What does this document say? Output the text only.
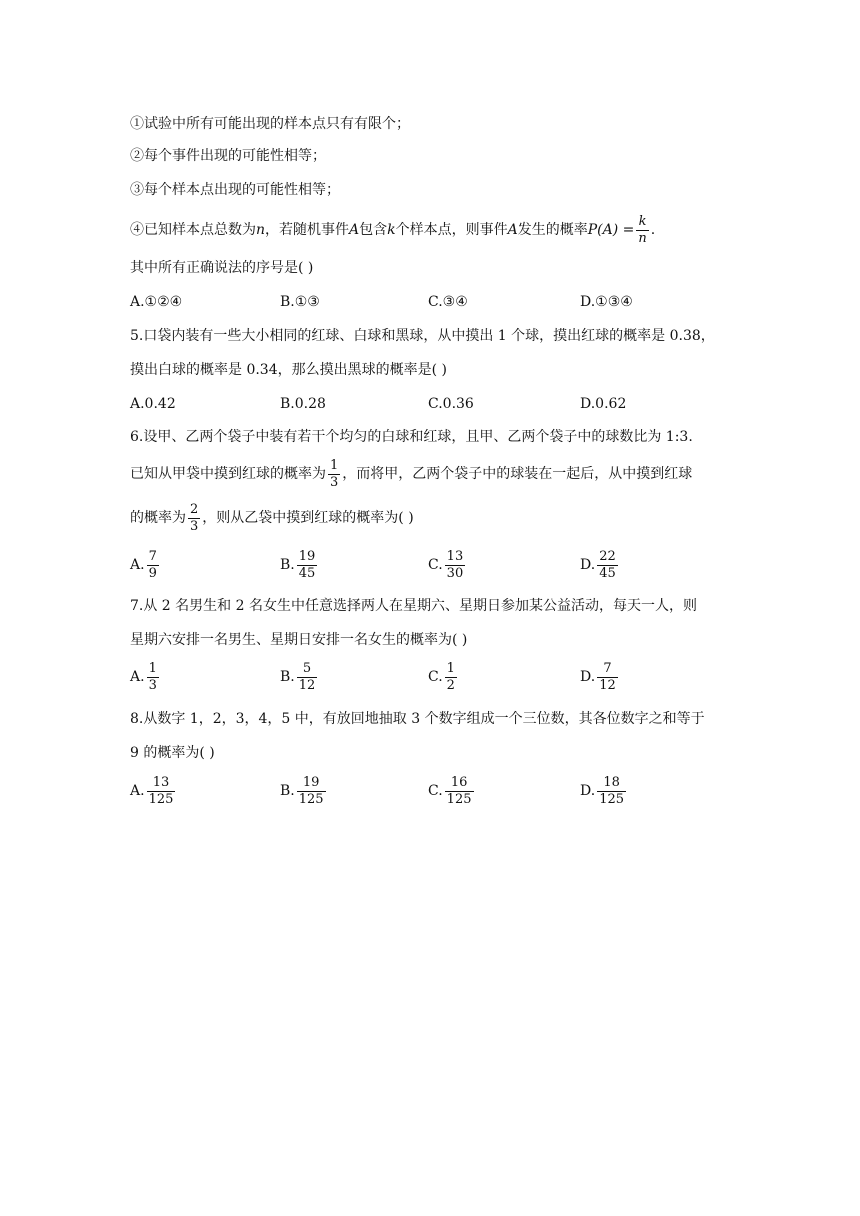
①试验中所有可能出现的样本点只有有限个；
②每个事件出现的可能性相等；
③每个样本点出现的可能性相等；
④已知样本点总数为 n ，若随机事件 A 包含 k 个样本点，则事件 A 发生的概率 $P(A) = \frac{k}{n}$ .
其中所有正确说法的序号是( )
A.①②④	B.①③	C.③④	D.①③④
5.口袋内装有一些大小相同的红球、白球和黑球，从中摸出 1 个球，摸出红球的概率是 0.38，
摸出白球的概率是 0.34，那么摸出黑球的概率是( )
A.0.42	B.0.28	C.0.36	D.0.62
6.设甲、乙两个袋子中装有若干个均匀的白球和红球，且甲、乙两个袋子中的球数比为 1:3.
已知从甲袋中摸到红球的概率为 $\frac{1}{3}$ ，而将甲，乙两个袋子中的球装在一起后，从中摸到红球
的概率为 $\frac{2}{3}$ ，则从乙袋中摸到红球的概率为( )
A. $\frac{7}{9}$	B. $\frac{19}{45}$	C. $\frac{13}{30}$	D. $\frac{22}{45}$
7.从 2 名男生和 2 名女生中任意选择两人在星期六、星期日参加某公益活动，每天一人，则
星期六安排一名男生、星期日安排一名女生的概率为( )
A. $\frac{1}{3}$	B. $\frac{5}{12}$	C. $\frac{1}{2}$	D. $\frac{7}{12}$
8.从数字 1，2，3，4，5 中，有放回地抽取 3 个数字组成一个三位数，其各位数字之和等于
9 的概率为( )
A. $\frac{13}{125}$	B. $\frac{19}{125}$	C. $\frac{16}{125}$	D. $\frac{18}{125}$
